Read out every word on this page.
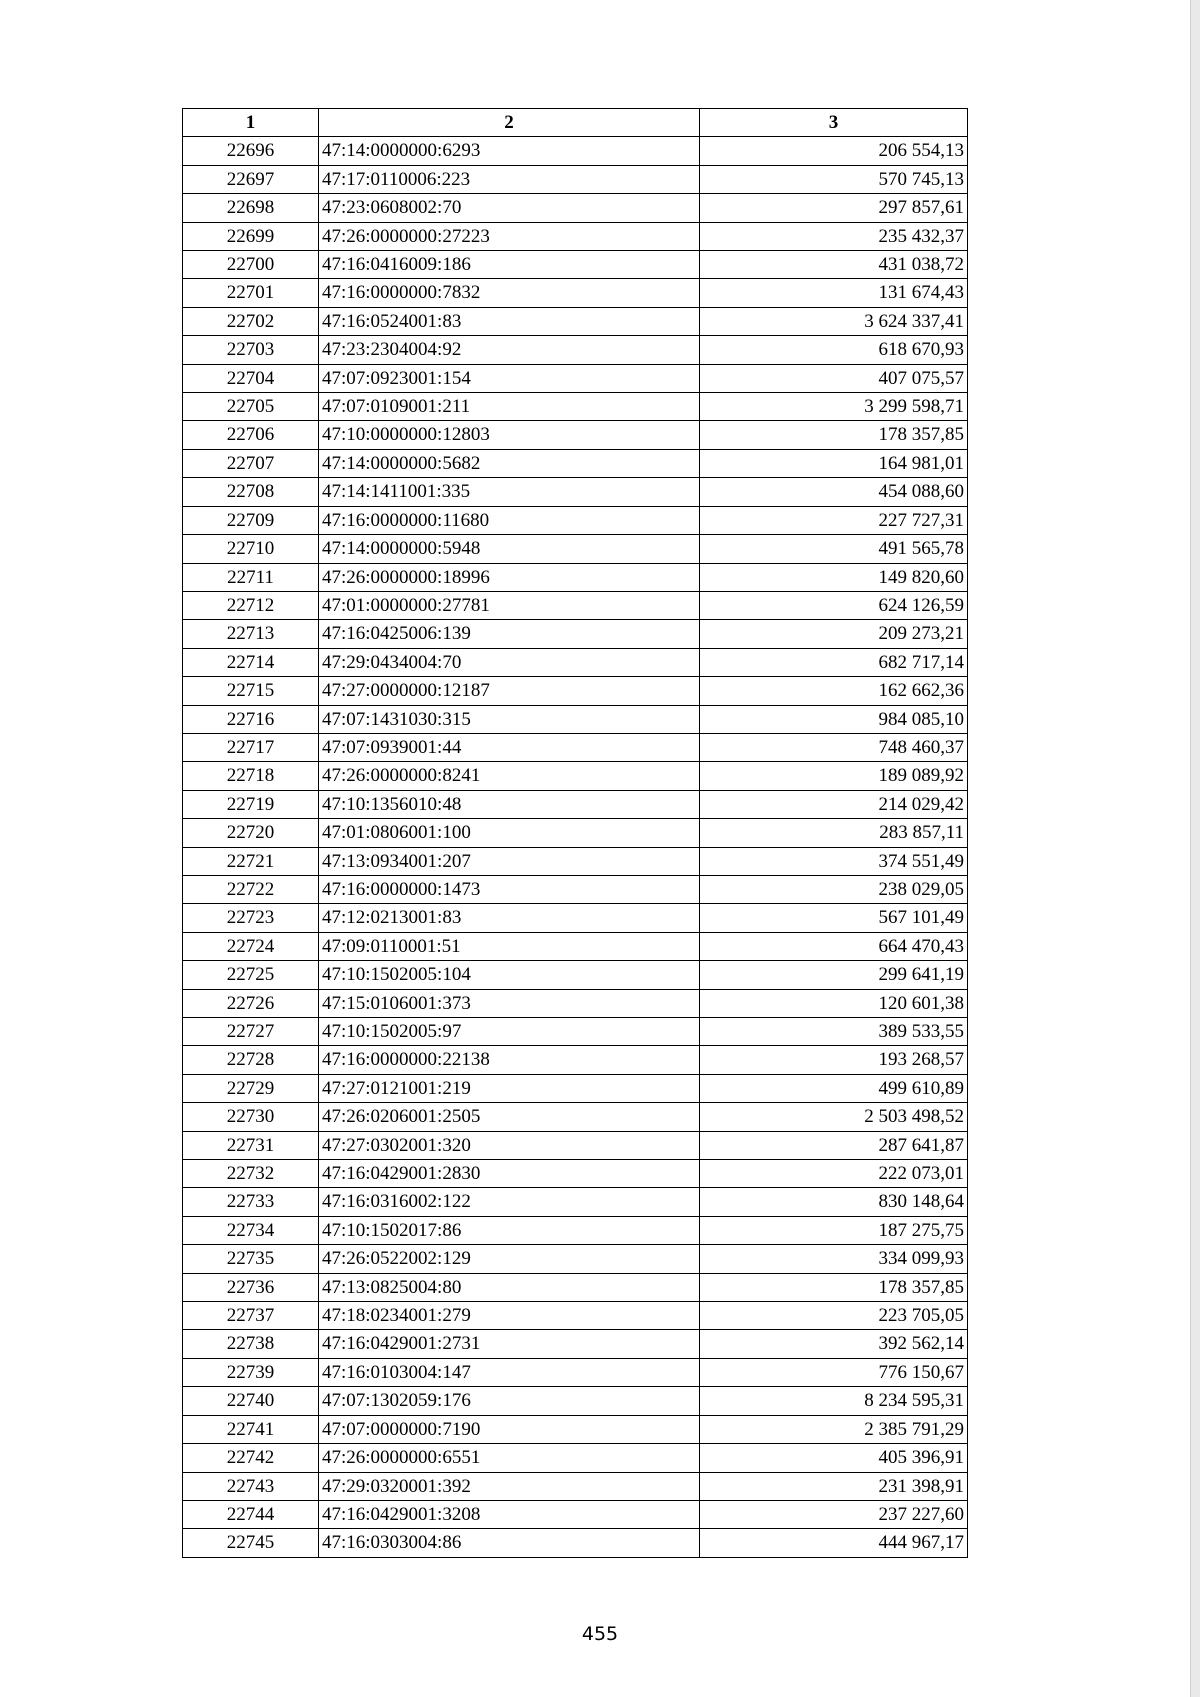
1	2	3
22696	47:14:0000000:6293	206 554,13
22697	47:17:0110006:223	570 745,13
22698	47:23:0608002:70	297 857,61
22699	47:26:0000000:27223	235 432,37
22700	47:16:0416009:186	431 038,72
22701	47:16:0000000:7832	131 674,43
22702	47:16:0524001:83	3 624 337,41
22703	47:23:2304004:92	618 670,93
22704	47:07:0923001:154	407 075,57
22705	47:07:0109001:211	3 299 598,71
22706	47:10:0000000:12803	178 357,85
22707	47:14:0000000:5682	164 981,01
22708	47:14:1411001:335	454 088,60
22709	47:16:0000000:11680	227 727,31
22710	47:14:0000000:5948	491 565,78
22711	47:26:0000000:18996	149 820,60
22712	47:01:0000000:27781	624 126,59
22713	47:16:0425006:139	209 273,21
22714	47:29:0434004:70	682 717,14
22715	47:27:0000000:12187	162 662,36
22716	47:07:1431030:315	984 085,10
22717	47:07:0939001:44	748 460,37
22718	47:26:0000000:8241	189 089,92
22719	47:10:1356010:48	214 029,42
22720	47:01:0806001:100	283 857,11
22721	47:13:0934001:207	374 551,49
22722	47:16:0000000:1473	238 029,05
22723	47:12:0213001:83	567 101,49
22724	47:09:0110001:51	664 470,43
22725	47:10:1502005:104	299 641,19
22726	47:15:0106001:373	120 601,38
22727	47:10:1502005:97	389 533,55
22728	47:16:0000000:22138	193 268,57
22729	47:27:0121001:219	499 610,89
22730	47:26:0206001:2505	2 503 498,52
22731	47:27:0302001:320	287 641,87
22732	47:16:0429001:2830	222 073,01
22733	47:16:0316002:122	830 148,64
22734	47:10:1502017:86	187 275,75
22735	47:26:0522002:129	334 099,93
22736	47:13:0825004:80	178 357,85
22737	47:18:0234001:279	223 705,05
22738	47:16:0429001:2731	392 562,14
22739	47:16:0103004:147	776 150,67
22740	47:07:1302059:176	8 234 595,31
22741	47:07:0000000:7190	2 385 791,29
22742	47:26:0000000:6551	405 396,91
22743	47:29:0320001:392	231 398,91
22744	47:16:0429001:3208	237 227,60
22745	47:16:0303004:86	444 967,17
455
